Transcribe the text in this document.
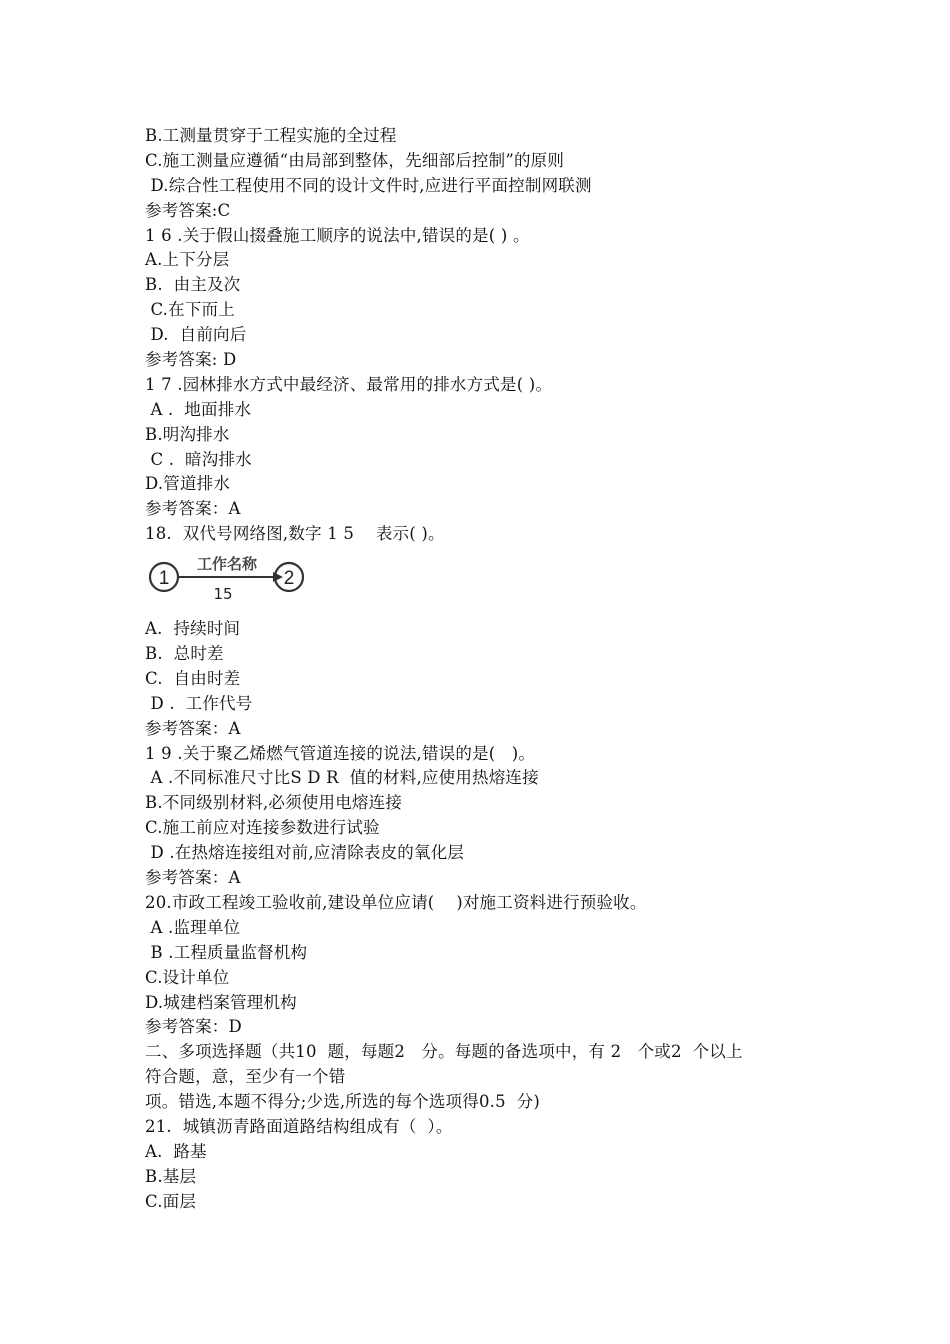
B.工测量贯穿于工程实施的全过程
C.施工测量应遵循“由局部到整体，先细部后控制”的原则
D.综合性工程使用不同的设计文件时,应进行平面控制网联测
参考答案:C
1 6 .关于假山掇叠施工顺序的说法中,错误的是( ) 。
A.上下分层
B.  由主及次
C.在下而上
D.  自前向后
参考答案: D
1 7 .园林排水方式中最经济、最常用的排水方式是( )。
A .  地面排水
B.明沟排水
C .  暗沟排水
D.管道排水
参考答案：A
18.  双代号网络图,数字 1 5    表示( )。
1	2
工作名称
15
A.  持续时间
B.  总时差
C.  自由时差
D .  工作代号
参考答案：A
1 9 .关于聚乙烯燃气管道连接的说法,错误的是(   )。
A .不同标准尺寸比S D R  值的材料,应使用热熔连接
B.不同级别材料,必须使用电熔连接
C.施工前应对连接参数进行试验
D .在热熔连接组对前,应清除表皮的氧化层
参考答案：A
20.市政工程竣工验收前,建设单位应请(    )对施工资料进行预验收。
A .监理单位
B .工程质量监督机构
C.设计单位
D.城建档案管理机构
参考答案：D
二、多项选择题（共10  题，每题2   分。每题的备选项中，有 2   个或2  个以上
符合题，意，至少有一个错
项。错选,本题不得分;少选,所选的每个选项得0.5  分)
21.  城镇沥青路面道路结构组成有（  ）。
A.  路基
B.基层
C.面层
